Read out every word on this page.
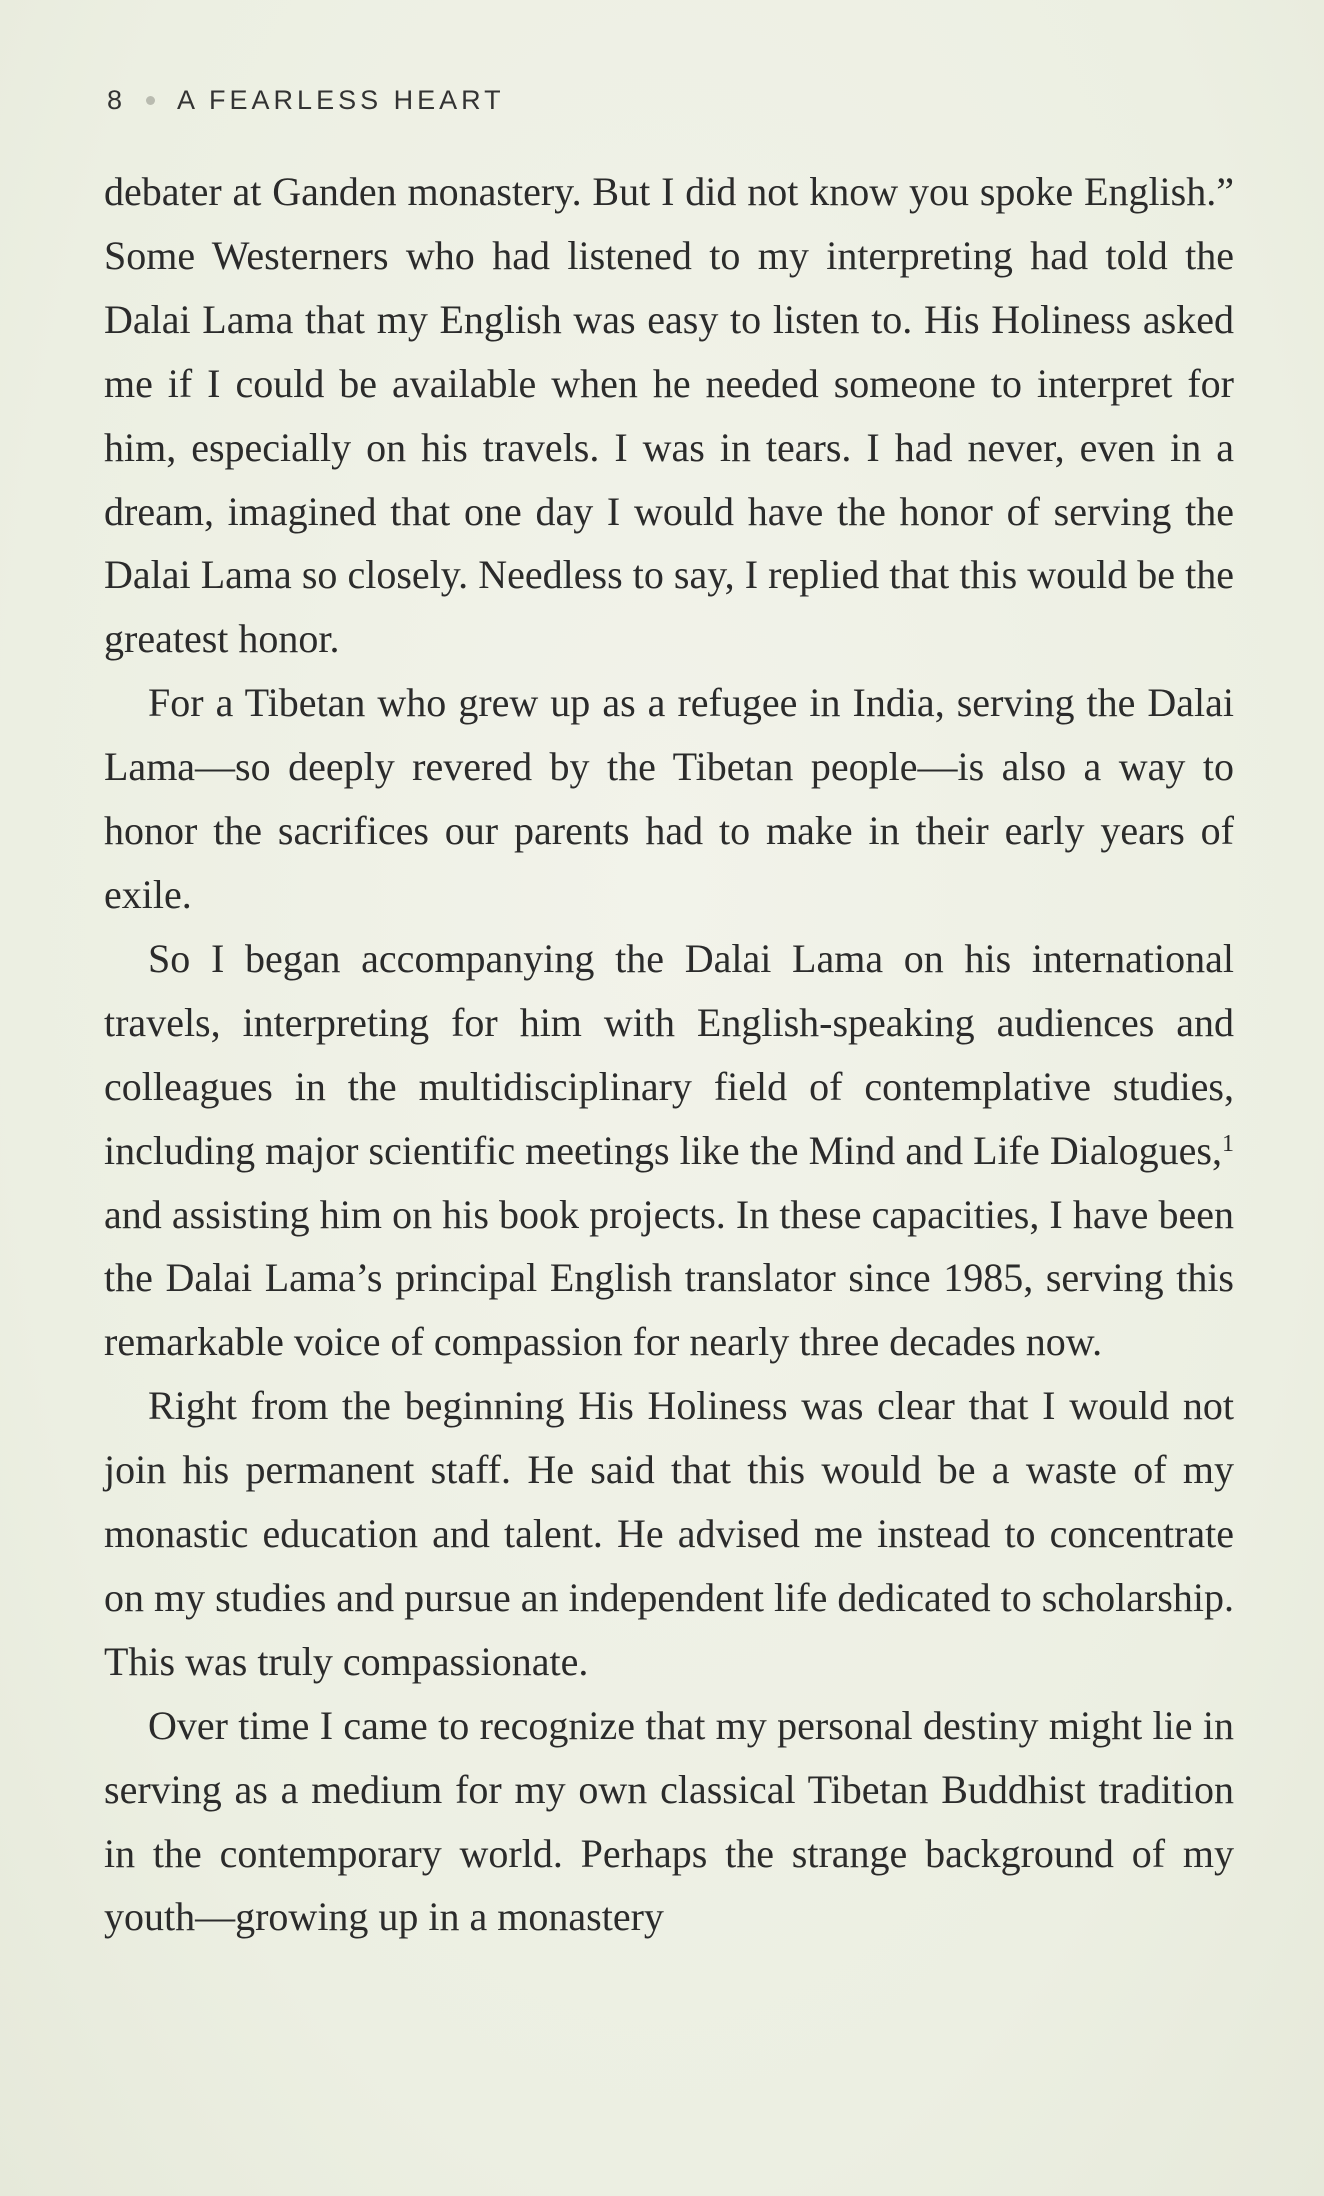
8 A FEARLESS HEART

debater at Ganden monastery. But I did not know you spoke English.” Some Westerners who had listened to my interpreting had told the Dalai Lama that my English was easy to listen to. His Holiness asked me if I could be available when he needed someone to interpret for him, especially on his travels. I was in tears. I had never, even in a dream, imagined that one day I would have the honor of serving the Dalai Lama so closely. Needless to say, I replied that this would be the greatest honor.

For a Tibetan who grew up as a refugee in India, serving the Dalai Lama—so deeply revered by the Tibetan people—is also a way to honor the sacrifices our parents had to make in their early years of exile.

So I began accompanying the Dalai Lama on his international travels, interpreting for him with English-speaking audiences and colleagues in the multidisciplinary field of contemplative studies, including major scientific meetings like the Mind and Life Dialogues,$^1$ and assisting him on his book projects. In these capacities, I have been the Dalai Lama’s principal English translator since 1985, serving this remarkable voice of compassion for nearly three decades now.

Right from the beginning His Holiness was clear that I would not join his permanent staff. He said that this would be a waste of my monastic education and talent. He advised me instead to concentrate on my studies and pursue an independent life dedicated to scholarship. This was truly compassionate.

Over time I came to recognize that my personal destiny might lie in serving as a medium for my own classical Tibetan Buddhist tradition in the contemporary world. Perhaps the strange background of my youth—growing up in a monastery
